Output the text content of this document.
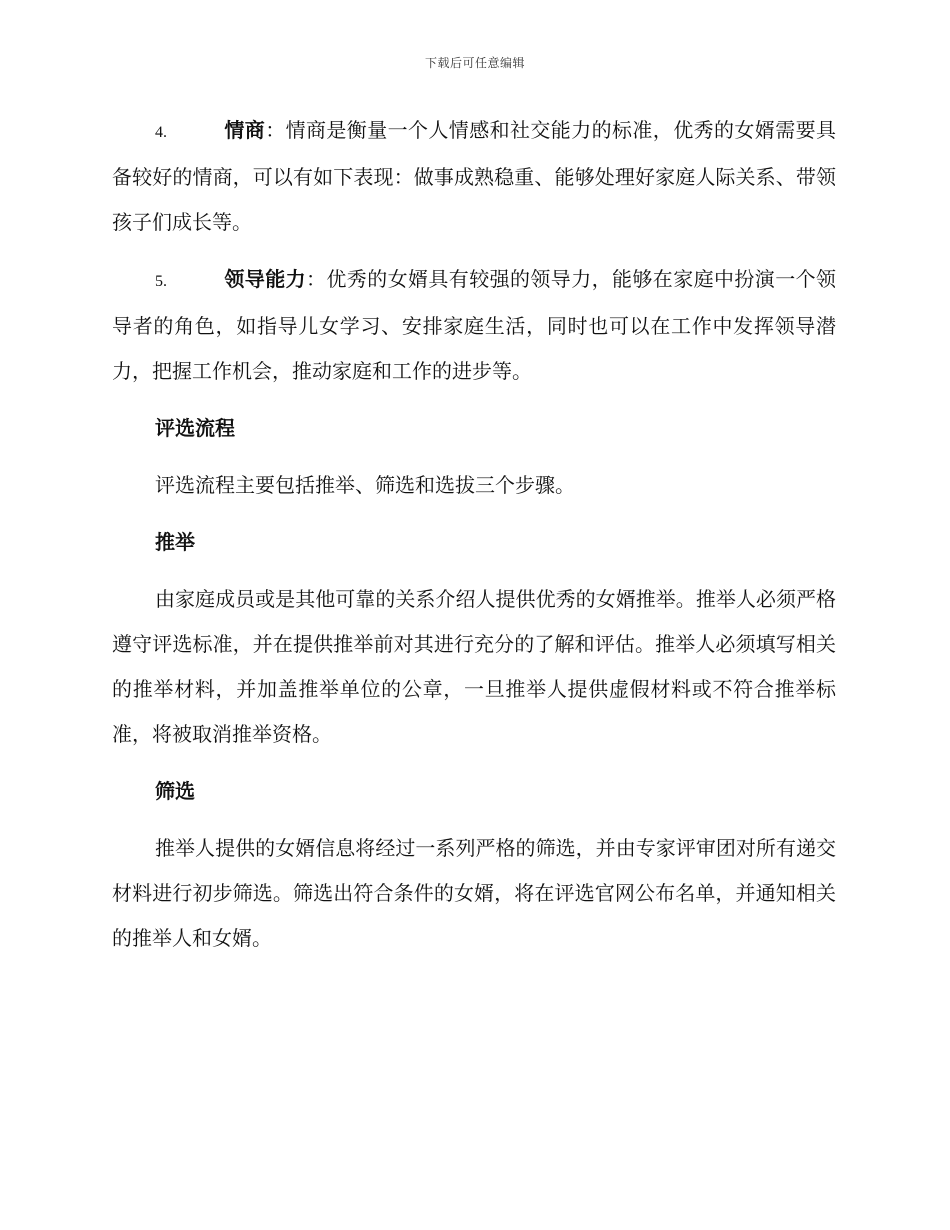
下载后可任意编辑

4.	情商：情商是衡量一个人情感和社交能力的标准，优秀的女婿需要具备较好的情商，可以有如下表现：做事成熟稳重、能够处理好家庭人际关系、带领孩子们成长等。

5.	领导能力：优秀的女婿具有较强的领导力，能够在家庭中扮演一个领导者的角色，如指导儿女学习、安排家庭生活，同时也可以在工作中发挥领导潜力，把握工作机会，推动家庭和工作的进步等。

评选流程

评选流程主要包括推举、筛选和选拔三个步骤。

推举

由家庭成员或是其他可靠的关系介绍人提供优秀的女婿推举。推举人必须严格遵守评选标准，并在提供推举前对其进行充分的了解和评估。推举人必须填写相关的推举材料，并加盖推举单位的公章，一旦推举人提供虚假材料或不符合推举标准，将被取消推举资格。

筛选

推举人提供的女婿信息将经过一系列严格的筛选，并由专家评审团对所有递交材料进行初步筛选。筛选出符合条件的女婿，将在评选官网公布名单，并通知相关的推举人和女婿。
